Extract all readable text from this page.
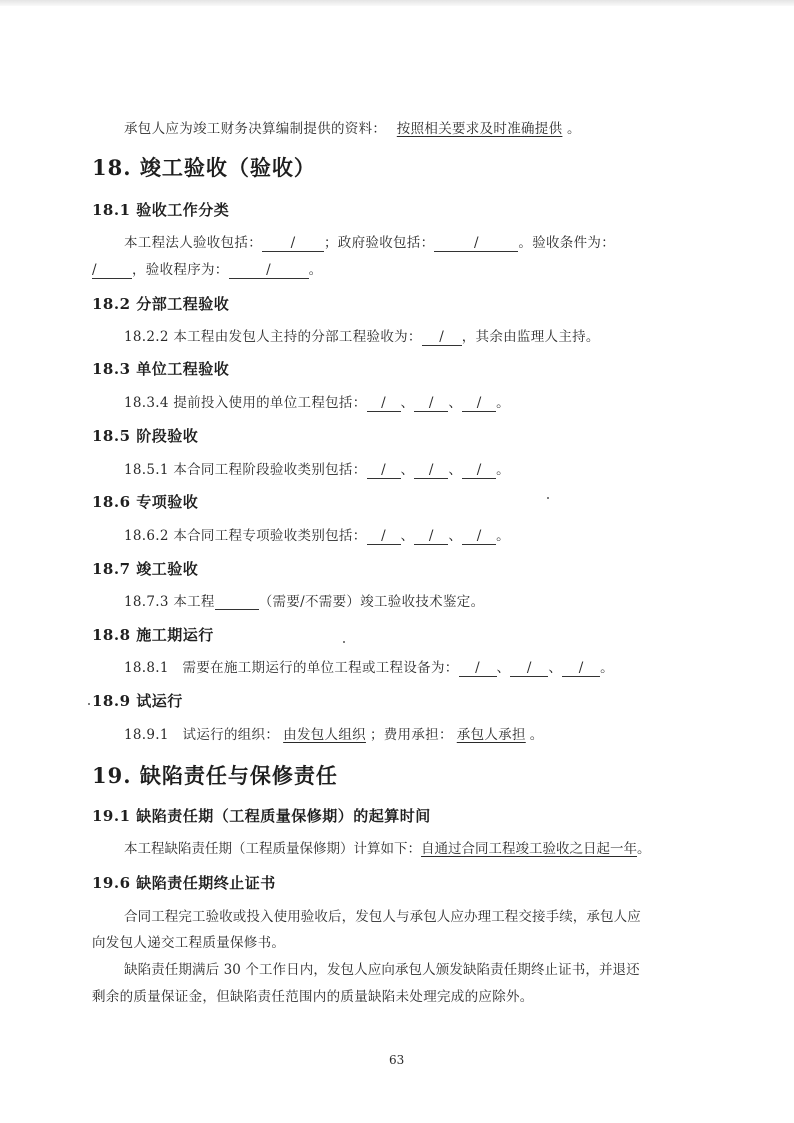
承包人应为竣工财务决算编制提供的资料： 按照相关要求及时准确提供 。
18. 竣工验收（验收）
18.1 验收工作分类
本工程法人验收包括： / ；政府验收包括：	/	。验收条件为：
/	，验收程序为：	/	。
18.2 分部工程验收
18.2.2 本工程由发包人主持的分部工程验收为： / ，其余由监理人主持。
18.3 单位工程验收
18.3.4 提前投入使用的单位工程包括： / 、 / 、 / 。
18.5 阶段验收
18.5.1 本合同工程阶段验收类别包括： / 、 / 、 / 。
18.6 专项验收
18.6.2 本合同工程专项验收类别包括： / 、 / 、 / 。
18.7 竣工验收
18.7.3 本工程	（需要/不需要）竣工验收技术鉴定。
18.8 施工期运行
18.8.1　需要在施工期运行的单位工程或工程设备为： / 、 / 、 / 。
18.9 试运行
18.9.1　试运行的组织： 由发包人组织 ；费用承担： 承包人承担 。
19. 缺陷责任与保修责任
19.1 缺陷责任期（工程质量保修期）的起算时间
本工程缺陷责任期（工程质量保修期）计算如下：自通过合同工程竣工验收之日起一年。
19.6 缺陷责任期终止证书
合同工程完工验收或投入使用验收后，发包人与承包人应办理工程交接手续，承包人应
向发包人递交工程质量保修书。
缺陷责任期满后 30 个工作日内，发包人应向承包人颁发缺陷责任期终止证书，并退还
剩余的质量保证金，但缺陷责任范围内的质量缺陷未处理完成的应除外。
63
